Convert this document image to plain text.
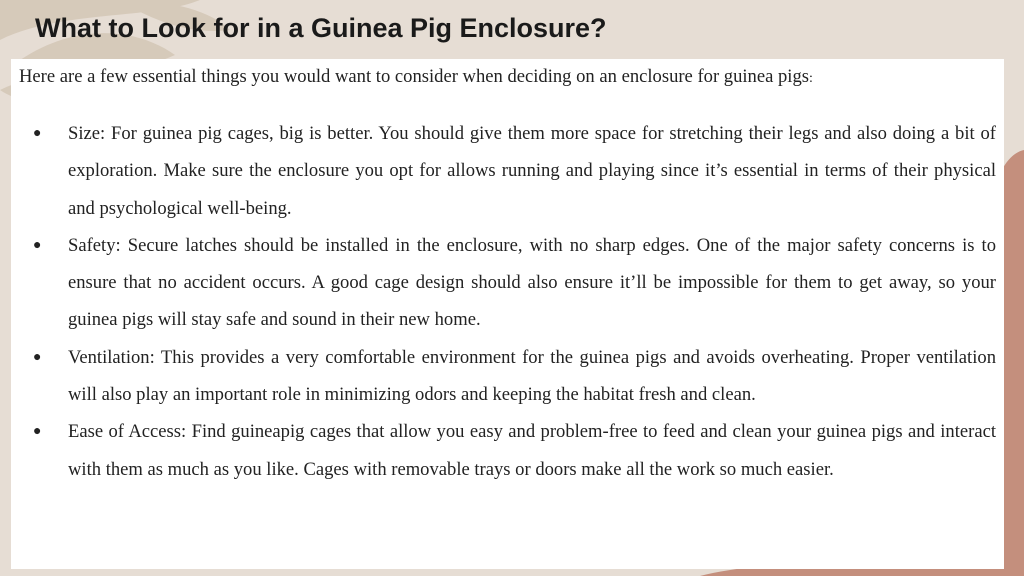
What to Look for in a Guinea Pig Enclosure?

Here are a few essential things you would want to consider when deciding on an enclosure for guinea pigs:

● Size: For guinea pig cages, big is better. You should give them more space for stretching their legs and also doing a bit of exploration. Make sure the enclosure you opt for allows running and playing since it’s essential in terms of their physical and psychological well-being.
● Safety: Secure latches should be installed in the enclosure, with no sharp edges. One of the major safety concerns is to ensure that no accident occurs. A good cage design should also ensure it’ll be impossible for them to get away, so your guinea pigs will stay safe and sound in their new home.
● Ventilation: This provides a very comfortable environment for the guinea pigs and avoids overheating. Proper ventilation will also play an important role in minimizing odors and keeping the habitat fresh and clean.
● Ease of Access: Find guineapig cages that allow you easy and problem-free to feed and clean your guinea pigs and interact with them as much as you like. Cages with removable trays or doors make all the work so much easier.
